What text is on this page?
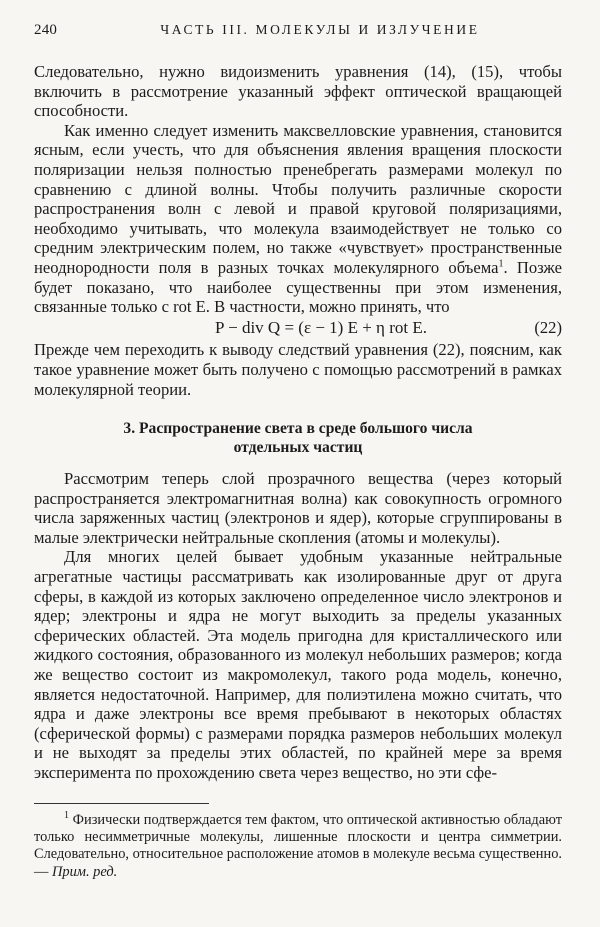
240	ЧАСТЬ III. МОЛЕКУЛЫ И ИЗЛУЧЕНИЕ

Следовательно, нужно видоизменить уравнения (14), (15), чтобы включить в рассмотрение указанный эффект оптической вращающей способности.

Как именно следует изменить максвелловские уравнения, становится ясным, если учесть, что для объяснения явления вращения плоскости поляризации нельзя полностью пренебрегать размерами молекул по сравнению с длиной волны. Чтобы получить различные скорости распространения волн с левой и правой круговой поляризациями, необходимо учитывать, что молекула взаимодействует не только со средним электрическим полем, но также «чувствует» пространственные неоднородности поля в разных точках молекулярного объема$^1$. Позже будет показано, что наиболее существенны при этом изменения, связанные только с rot E. В частности, можно принять, что

P − div Q = (ε − 1) E + η rot E.	(22)

Прежде чем переходить к выводу следствий уравнения (22), поясним, как такое уравнение может быть получено с помощью рассмотрений в рамках молекулярной теории.

3. Распространение света в среде большого числа
отдельных частиц

Рассмотрим теперь слой прозрачного вещества (через который распространяется электромагнитная волна) как совокупность огромного числа заряженных частиц (электронов и ядер), которые сгруппированы в малые электрически нейтральные скопления (атомы и молекулы).

Для многих целей бывает удобным указанные нейтральные агрегатные частицы рассматривать как изолированные друг от друга сферы, в каждой из которых заключено определенное число электронов и ядер; электроны и ядра не могут выходить за пределы указанных сферических областей. Эта модель пригодна для кристаллического или жидкого состояния, образованного из молекул небольших размеров; когда же вещество состоит из макромолекул, такого рода модель, конечно, является недостаточной. Например, для полиэтилена можно считать, что ядра и даже электроны все время пребывают в некоторых областях (сферической формы) с размерами порядка размеров небольших молекул и не выходят за пределы этих областей, по крайней мере за время эксперимента по прохождению света через вещество, но эти сфе-

$^1$ Физически подтверждается тем фактом, что оптической активностью обладают только несимметричные молекулы, лишенные плоскости и центра симметрии. Следовательно, относительное расположение атомов в молекуле весьма существенно.— Прим. ред.
